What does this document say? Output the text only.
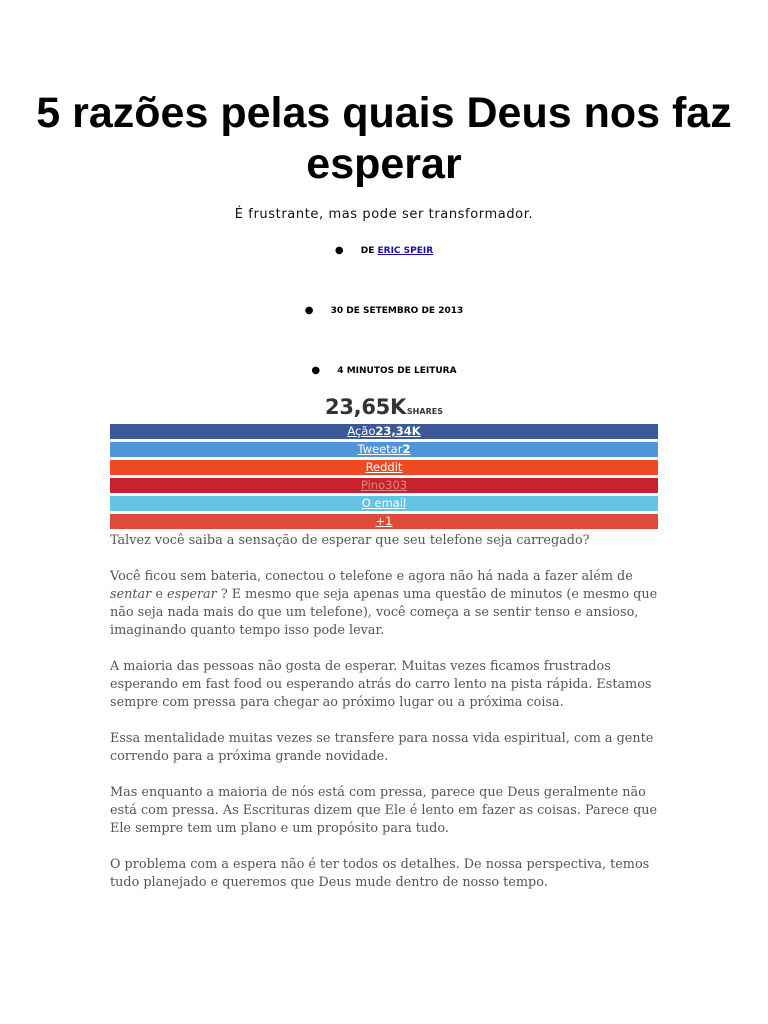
5 razões pelas quais Deus nos faz esperar
É frustrante, mas pode ser transformador.
● DE ERIC SPEIR
● 30 DE SETEMBRO DE 2013
● 4 MINUTOS DE LEITURA
23,65KSHARES
Ação23,34K
Tweetar2
Reddit
Pino303
O email
+1

Talvez você saiba a sensação de esperar que seu telefone seja carregado?

Você ficou sem bateria, conectou o telefone e agora não há nada a fazer além de sentar e esperar ? E mesmo que seja apenas uma questão de minutos (e mesmo que não seja nada mais do que um telefone), você começa a se sentir tenso e ansioso, imaginando quanto tempo isso pode levar.

A maioria das pessoas não gosta de esperar. Muitas vezes ficamos frustrados esperando em fast food ou esperando atrás do carro lento na pista rápida. Estamos sempre com pressa para chegar ao próximo lugar ou a próxima coisa.

Essa mentalidade muitas vezes se transfere para nossa vida espiritual, com a gente correndo para a próxima grande novidade.

Mas enquanto a maioria de nós está com pressa, parece que Deus geralmente não está com pressa. As Escrituras dizem que Ele é lento em fazer as coisas. Parece que Ele sempre tem um plano e um propósito para tudo.

O problema com a espera não é ter todos os detalhes. De nossa perspectiva, temos tudo planejado e queremos que Deus mude dentro de nosso tempo.
